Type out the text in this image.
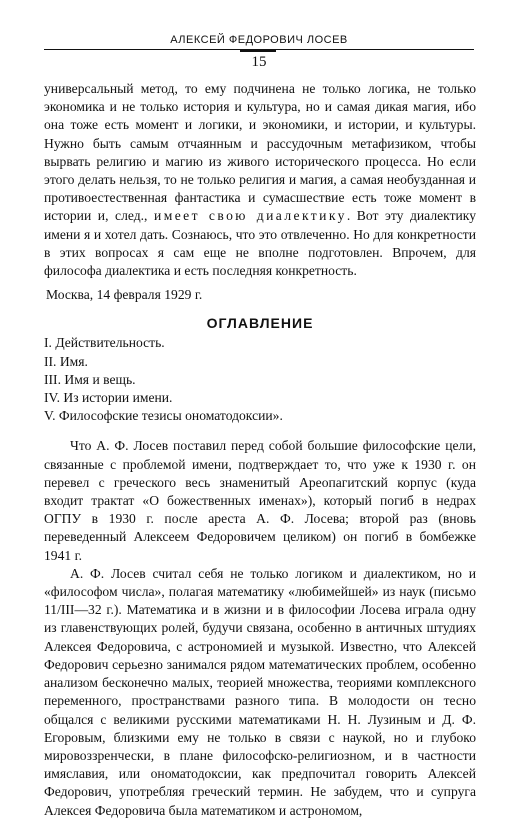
АЛЕКСЕЙ ФЕДОРОВИЧ ЛОСЕВ
15

универсальный метод, то ему подчинена не только логика, не только экономика и не только история и культура, но и самая дикая магия, ибо она тоже есть момент и логики, и экономики, и истории, и культуры. Нужно быть самым отчаянным и рассудочным метафизиком, чтобы вырвать религию и магию из живого исторического процесса. Но если этого делать нельзя, то не только религия и магия, а самая необузданная и противоестественная фантастика и сумасшествие есть тоже момент в истории и, след., имеет свою диалектику. Вот эту диалектику имени я и хотел дать. Сознаюсь, что это отвлеченно. Но для конкретности в этих вопросах я сам еще не вполне подготовлен. Впрочем, для философа диалектика и есть последняя конкретность.

Москва, 14 февраля 1929 г.

ОГЛАВЛЕНИЕ
I. Действительность.
II. Имя.
III. Имя и вещь.
IV. Из истории имени.
V. Философские тезисы ономатодоксии».

Что А. Ф. Лосев поставил перед собой большие философские цели, связанные с проблемой имени, подтверждает то, что уже к 1930 г. он перевел с греческого весь знаменитый Ареопагитский корпус (куда входит трактат «О божественных именах»), который погиб в недрах ОГПУ в 1930 г. после ареста А. Ф. Лосева; второй раз (вновь переведенный Алексеем Федоровичем целиком) он погиб в бомбежке 1941 г.

А. Ф. Лосев считал себя не только логиком и диалектиком, но и «философом числа», полагая математику «любимейшей» из наук (письмо 11/III—32 г.). Математика и в жизни и в философии Лосева играла одну из главенствующих ролей, будучи связана, особенно в античных штудиях Алексея Федоровича, с астрономией и музыкой. Известно, что Алексей Федорович серьезно занимался рядом математических проблем, особенно анализом бесконечно малых, теорией множества, теориями комплексного переменного, пространствами разного типа. В молодости он тесно общался с великими русскими математиками Н. Н. Лузиным и Д. Ф. Егоровым, близкими ему не только в связи с наукой, но и глубоко мировоззренчески, в плане философско-религиозном, и в частности имяславия, или ономатодоксии, как предпочитал говорить Алексей Федорович, употребляя греческий термин. Не забудем, что и супруга Алексея Федоровича была математиком и астрономом,
